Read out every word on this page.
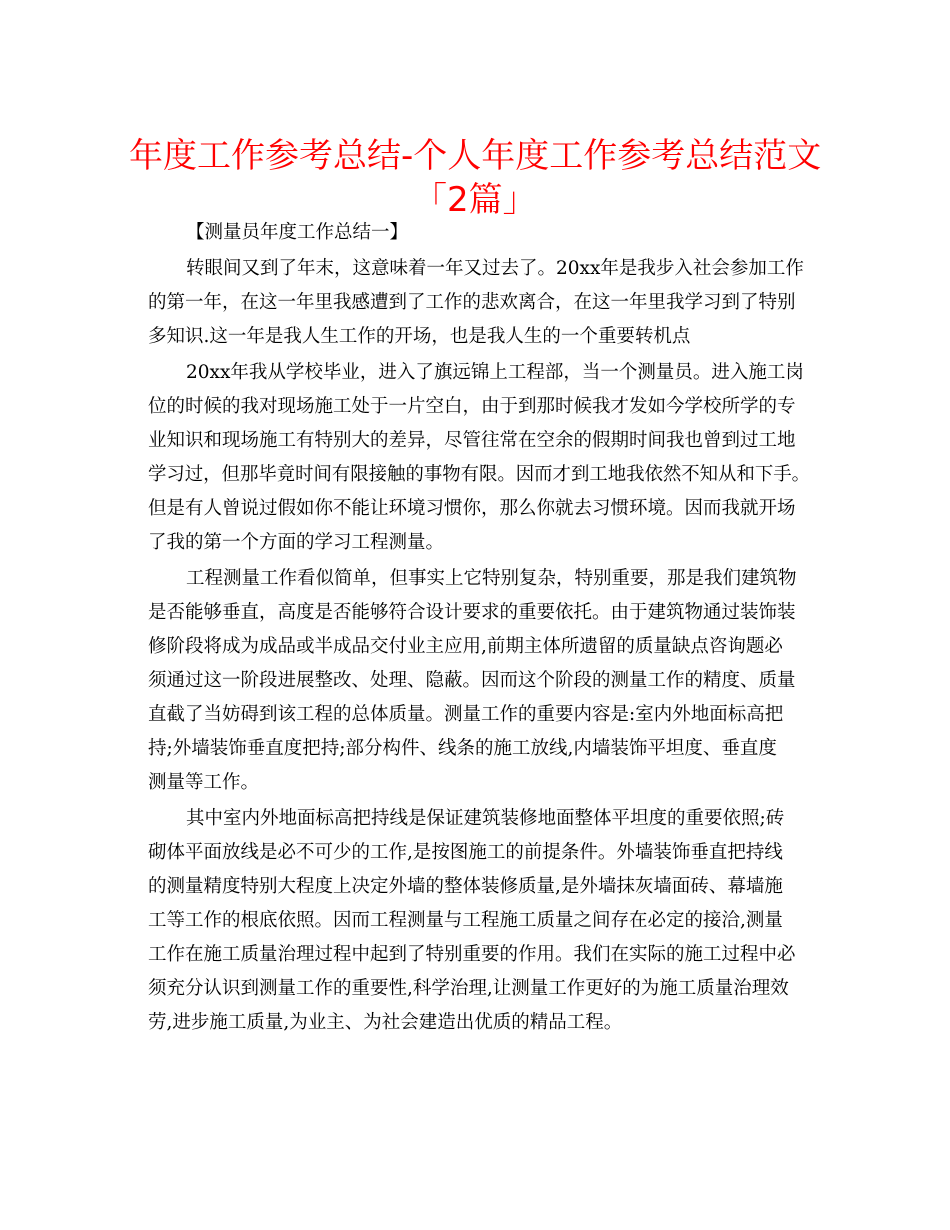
年度工作参考总结-个人年度工作参考总结范文
「2篇」
【测量员年度工作总结一】
转眼间又到了年末，这意味着一年又过去了。20xx年是我步入社会参加工作
的第一年，在这一年里我感遭到了工作的悲欢离合，在这一年里我学习到了特别
多知识.这一年是我人生工作的开场，也是我人生的一个重要转机点
20xx年我从学校毕业，进入了旗远锦上工程部，当一个测量员。进入施工岗
位的时候的我对现场施工处于一片空白，由于到那时候我才发如今学校所学的专
业知识和现场施工有特别大的差异，尽管往常在空余的假期时间我也曾到过工地
学习过，但那毕竟时间有限接触的事物有限。因而才到工地我依然不知从和下手。
但是有人曾说过假如你不能让环境习惯你，那么你就去习惯环境。因而我就开场
了我的第一个方面的学习工程测量。
工程测量工作看似简单，但事实上它特别复杂，特别重要，那是我们建筑物
是否能够垂直，高度是否能够符合设计要求的重要依托。由于建筑物通过装饰装
修阶段将成为成品或半成品交付业主应用,前期主体所遗留的质量缺点咨询题必
须通过这一阶段进展整改、处理、隐蔽。因而这个阶段的测量工作的精度、质量
直截了当妨碍到该工程的总体质量。测量工作的重要内容是:室内外地面标高把
持;外墙装饰垂直度把持;部分构件、线条的施工放线,内墙装饰平坦度、垂直度
测量等工作。
其中室内外地面标高把持线是保证建筑装修地面整体平坦度的重要依照;砖
砌体平面放线是必不可少的工作,是按图施工的前提条件。外墙装饰垂直把持线
的测量精度特别大程度上决定外墙的整体装修质量,是外墙抹灰墙面砖、幕墙施
工等工作的根底依照。因而工程测量与工程施工质量之间存在必定的接洽,测量
工作在施工质量治理过程中起到了特别重要的作用。我们在实际的施工过程中必
须充分认识到测量工作的重要性,科学治理,让测量工作更好的为施工质量治理效
劳,进步施工质量,为业主、为社会建造出优质的精品工程。
